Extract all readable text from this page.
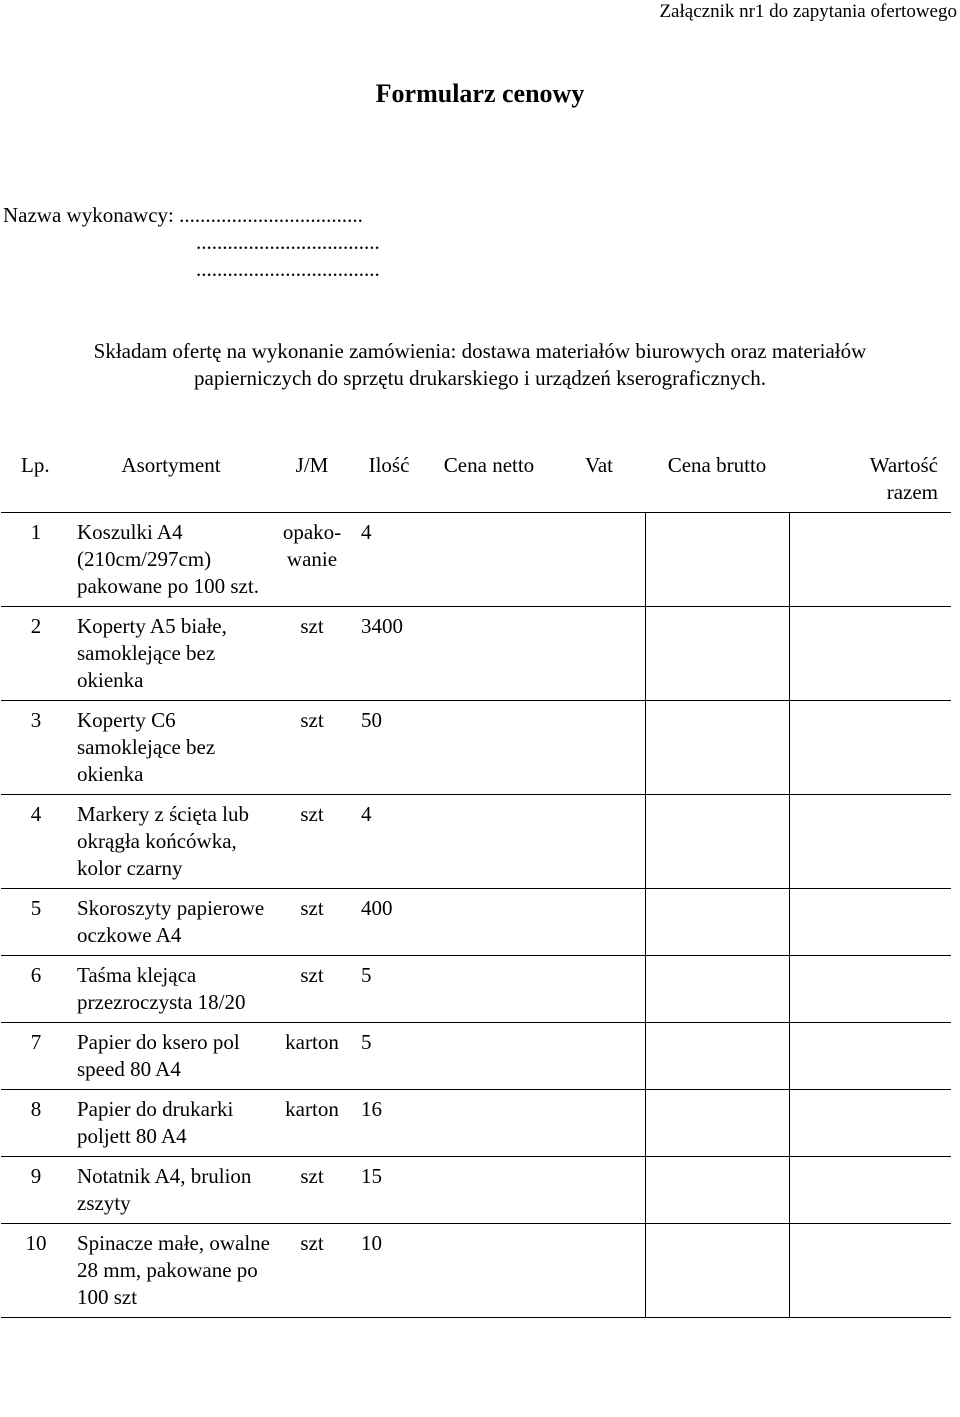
Załącznik nr1 do zapytania ofertowego
Formularz cenowy
Nazwa wykonawcy: ...................................
...................................
...................................
Składam ofertę na wykonanie zamówienia: dostawa materiałów biurowych oraz materiałów
papierniczych do sprzętu drukarskiego i urządzeń kserograficznych.
Lp.	Asortyment	J/M	Ilość	Cena netto	Vat	Cena brutto	Wartość
razem
1	Koszulki A4 (210cm/297cm) pakowane po 100 szt.	opako-wanie	4				
2	Koperty A5 białe, samoklejące bez okienka	szt	3400				
3	Koperty C6 samoklejące bez okienka	szt	50				
4	Markery z ścięta lub okrągła końcówka, kolor czarny	szt	4				
5	Skoroszyty papierowe oczkowe A4	szt	400				
6	Taśma klejąca przezroczysta 18/20	szt	5				
7	Papier do ksero pol speed 80 A4	karton	5				
8	Papier do drukarki poljett 80 A4	karton	16				
9	Notatnik A4, brulion zszyty	szt	15				
10	Spinacze małe, owalne 28 mm, pakowane po 100 szt	szt	10				
